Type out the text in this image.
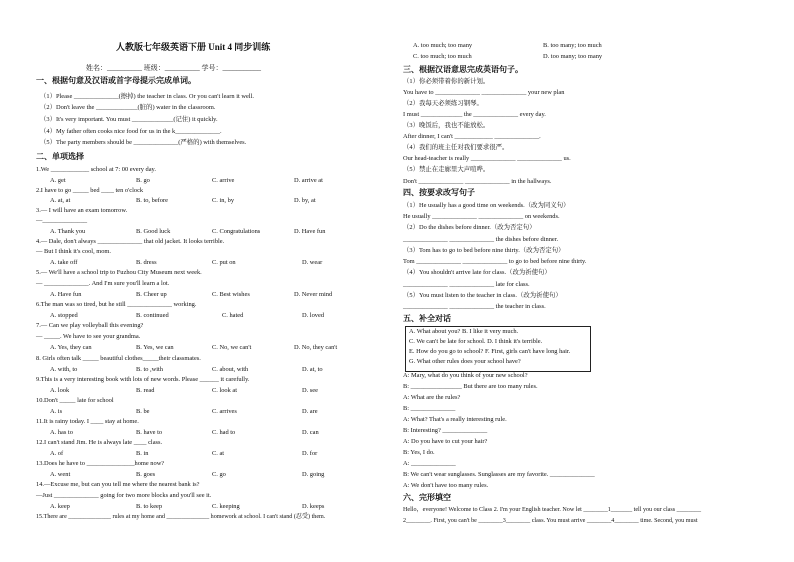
人教版七年级英语下册 Unit 4 同步训练
姓名：__________ 班级：__________ 学号：___________
一、根据句意及汉语或首字母提示完成单词。
（1）Please ______________(擦掉) the teacher in class. Or you can't learn it well.
（2）Don't leave the _____________(脏的) water in the classroom.
（3）It's very important. You must _____________(记住) it quickly.
（4）My father often cooks nice food for us in the k______________.
（5）The party members should be ______________(严格的) with themselves.
二、单项选择
1.We ____________ school at 7: 00 every day.
A. get	B. go	C. arrive	D. arrive at
2.I have to go _____ bed ____ ten o'clock
A. at, at	B. to, before	C. in, by	D. by, at
3.— I will have an exam tomorrow.
—______________
A. Thank you	B. Good luck	C. Congratulations	D. Have fun
4.— Dale, don't always ______________ that old jacket. It looks terrible.
— But I think it's cool, mom.
A. take off	B. dress	C. put on	D. wear
5.— We'll have a school trip to Fuzhou City Museum next week.
— ______________. And I'm sure you'll learn a lot.
A. Have fun	B. Cheer up	C. Best wishes	D. Never mind
6.The man was so tired, but he still ______________ working.
A. stopped	B. continued	C. hated	D. loved
7.— Can we play volleyball this evening?
— _____. We have to see your grandma.
A. Yes, they can	B. Yes, we can	C. No, we can't	D. No, they can't
8. Girls often talk _____ beautiful clothes_____their classmates.
A. with, to	B. to ,with	C. about, with	D. at, to
9.This is a very interesting book with lots of new words. Please ______ it carefully.
A. look	B. read	C. look at	D. see
10.Don't _____ late for school
A. is	B. be	C. arrives	D. are
11.It is rainy today. I ____ stay at home.
A. has to	B. have to	C. had to	D. can
12.I can't stand Jim. He is always late ____ class.
A. of	B. in	C. at	D. for
13.Does he have to _______________home now?
A. went	B. goes	C. go	D. going
14.—Excuse me, but can you tell me where the nearest bank is?
—Just ______________ going for two more blocks and you'll see it.
A. keep	B. to keep	C. keeping	D. keeps
15.There are ______________ rules at my home and ______________ homework at school. I can't stand (忍受) them.
A. too much; too many	B. too many; too much
C. too much; too much	D. too many; too many
三、根据汉语意思完成英语句子。
（1）你必须带着你的新计划。
You have to ______________ ______________ your new plan
（2）我每天必须练习钢琴。
I must _____________ the ______________ every day.
（3）晚饭后，我也不能放松。
After dinner, I can't ____________ ______________.
（4）我们的班主任对我们要求很严。
Our head-teacher is really ______________ ______________ us.
（5）禁止在走廊里大声喧哗。
Don't ______________ ______________ in the hallways.
四、按要求改写句子
（1）He usually has a good time on weekends.（改为同义句）
He usually ______________ ______________ on weekends.
（2）Do the dishes before dinner.（改为否定句）
______________ ______________ the dishes before dinner.
（3）Tom has to go to bed before nine thirty.（改为否定句）
Tom ______________ ______________ to go to bed before nine thirty.
（4）You shouldn't arrive late for class.（改为祈使句）
______________ ______________ late for class.
（5）You must listen to the teacher in class.（改为祈使句）
______________ ______________ the teacher in class.
五、补全对话
A. What about you? B. I like it very much.
C. We can't be late for school. D. I think it's terrible.
E. How do you go to school? F. First, girls can't have long hair.
G. What other rules does your school have?
A: Mary, what do you think of your new school?
B: ________________ But there are too many rules.
A: What are the rules?
B: ______________
A: What? That's a really interesting rule.
B: Interesting? ______________
A: Do you have to cut your hair?
B: Yes, I do.
A: ______________
B: We can't wear sunglasses. Sunglasses are my favorite. ______________
A: We don't have too many rules.
六、完形填空
Hello，everyone! Welcome to Class 2. I'm your English teacher. Now let ________1_______ tell you our class ________
2________. First, you can't be ________3________ class. You must arrive ________4________ time. Second, you must
